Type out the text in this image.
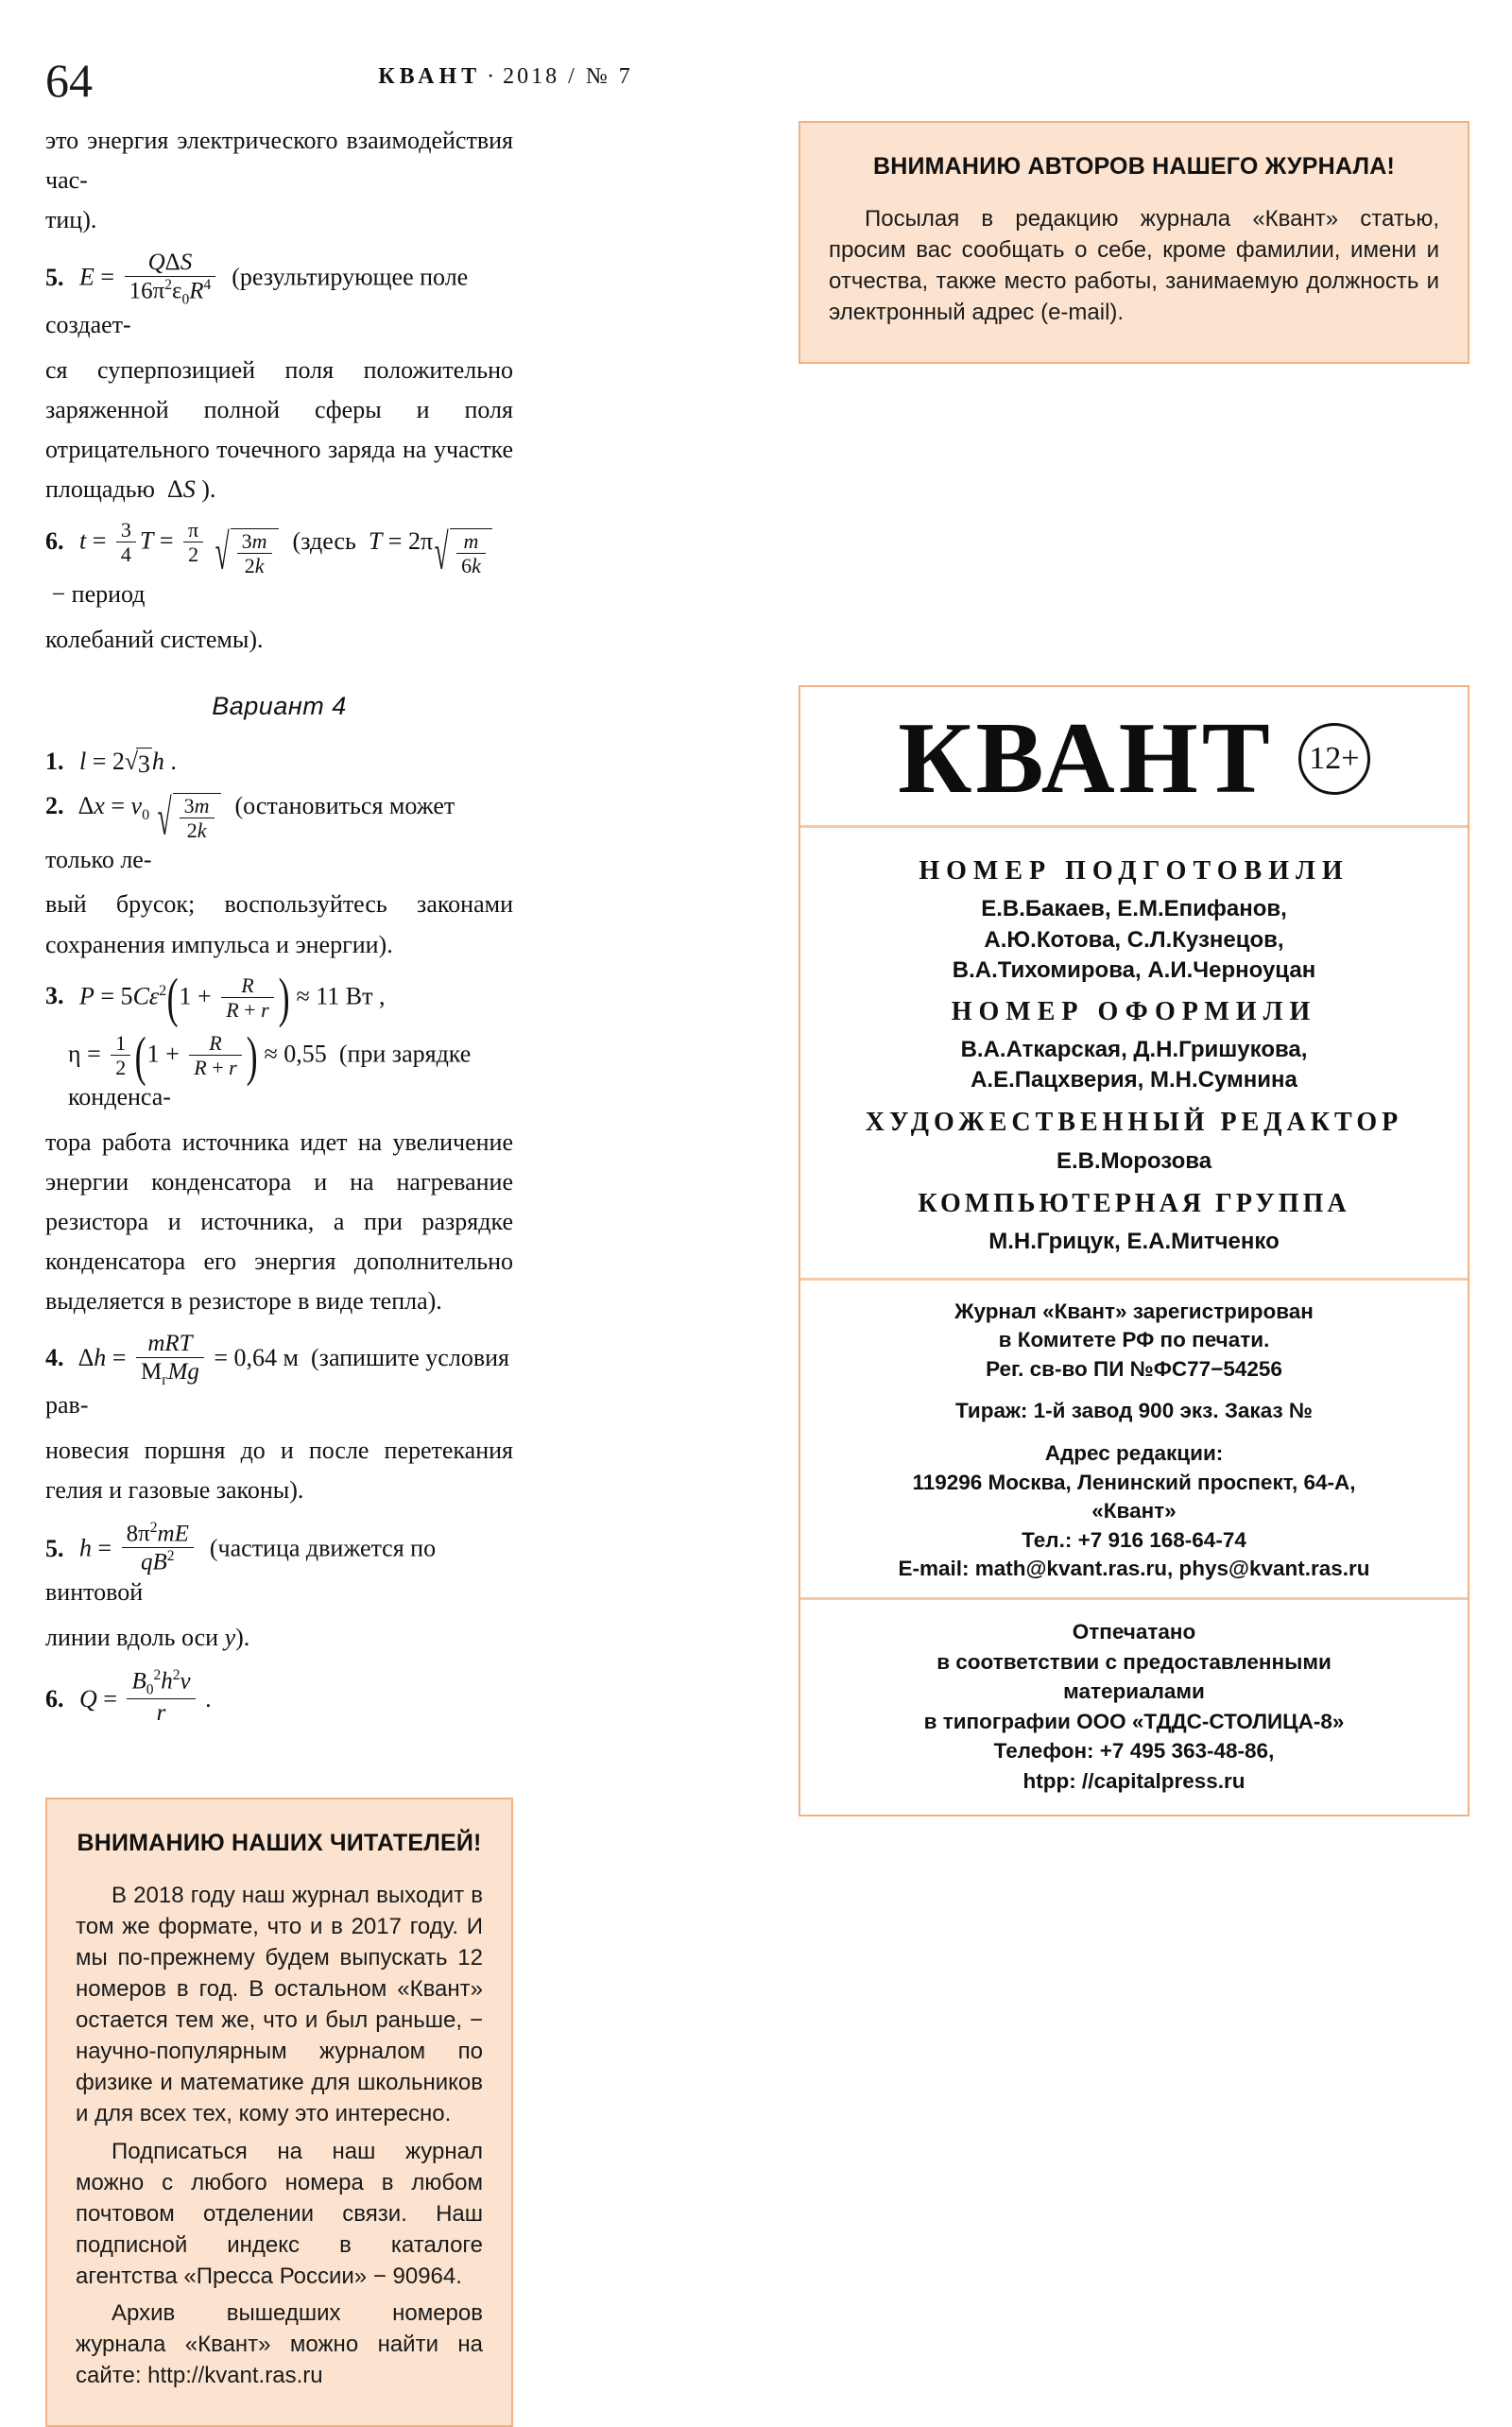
64	КВАНТ · 2018 / № 7

это энергия электрического взаимодействия час-
тиц).

5. $E = \frac{\text{QΔS}}{16\pi^2\varepsilon_0R^4}$ (результирующее поле создает-

ся суперпозицией поля положительно заряженной полной сферы и поля отрицательного точечного заряда на участке площадью  ΔS ).

6. $t = \frac{3}{4}$ $T = \frac{\pi}{2}$
√ $\frac{3m}{2k}$ (здесь  T = 2π √ $\frac{m}{6k}$
− период

колебаний системы).

Вариант 4
1. l = 2 √ 3h .
2. $\Delta x = v_0$ √ $\frac{3m}{2k}$ (остановиться может только ле-

вый брусок; воспользуйтесь законами сохранения импульса и энергии).

3. P = 5Cɛ$^2$(1 + $\frac{R}{R + r}$ ) ≈ 11 Вт ,
$\eta = \frac{1}{2} (1 + \frac{R}{R + r}$ ) ≈ 0,55  (при зарядке конденса-

тора работа источника идет на увеличение энергии конденсатора и на нагревание резистора и источника, а при разрядке конденсатора его энергия дополнительно выделяется в резисторе в виде тепла).

4. $\Delta h = \frac{\text{mRT}}{М_гMg} = 0,64$ м  (запишите условия рав-

новесия поршня до и после перетекания гелия и газовые законы).

5. $h = \frac{8\pi^2mE}{qB^2}$ (частица движется по винтовой

линии вдоль оси y).

6. $Q = \frac{B_0^2h^2v}{r}$ .
ВНИМАНИЮ НАШИХ ЧИТАТЕЛЕЙ!

В 2018 году наш журнал выходит в том же формате, что и в 2017 году. И мы по-прежнему будем выпускать 12 номеров в год. В остальном «Квант» остается тем же, что и был раньше, − научно-популярным журналом по физике и математике для школьников и для всех тех, кому это интересно.

Подписаться на наш журнал можно с любого номера в любом почтовом отделении связи. Наш подписной индекс в каталоге агентства «Пресса России» − 90964.

Архив вышедших номеров журнала «Квант» можно найти на сайте: http://kvant.ras.ru

ВНИМАНИЮ АВТОРОВ НАШЕГО ЖУРНАЛА!

Посылая в редакцию журнала «Квант» статью, просим вас сообщать о себе, кроме фамилии, имени и отчества, также место работы, занимаемую должность и электронный адрес (e-mail).

КВАНТ	12+
НОМЕР ПОДГОТОВИЛИ
Е.В.Бакаев, Е.М.Епифанов,
А.Ю.Котова, С.Л.Кузнецов,
В.А.Тихомирова, А.И.Черноуцан
НОМЕР ОФОРМИЛИ
В.А.Аткарская, Д.Н.Гришукова,
А.Е.Пацхверия, М.Н.Сумнина
ХУДОЖЕСТВЕННЫЙ РЕДАКТОР
Е.В.Морозова
КОМПЬЮТЕРНАЯ ГРУППА
М.Н.Грицук, Е.А.Митченко

Журнал «Квант» зарегистрирован

в Комитете РФ по печати.

Рег. св-во ПИ №ФС77−54256

Тираж: 1-й завод 900 экз. Заказ №

Адрес редакции:

119296 Москва, Ленинский проспект, 64-А,

«Квант»

Тел.: +7 916 168-64-74

E-mail: math@kvant.ras.ru, phys@kvant.ras.ru

Отпечатано

в соответствии с предоставленными

материалами

в типографии ООО «ТДДС-СТОЛИЦА-8»

Телефон: +7 495 363-48-86,

htpp: //capitalpress.ru
